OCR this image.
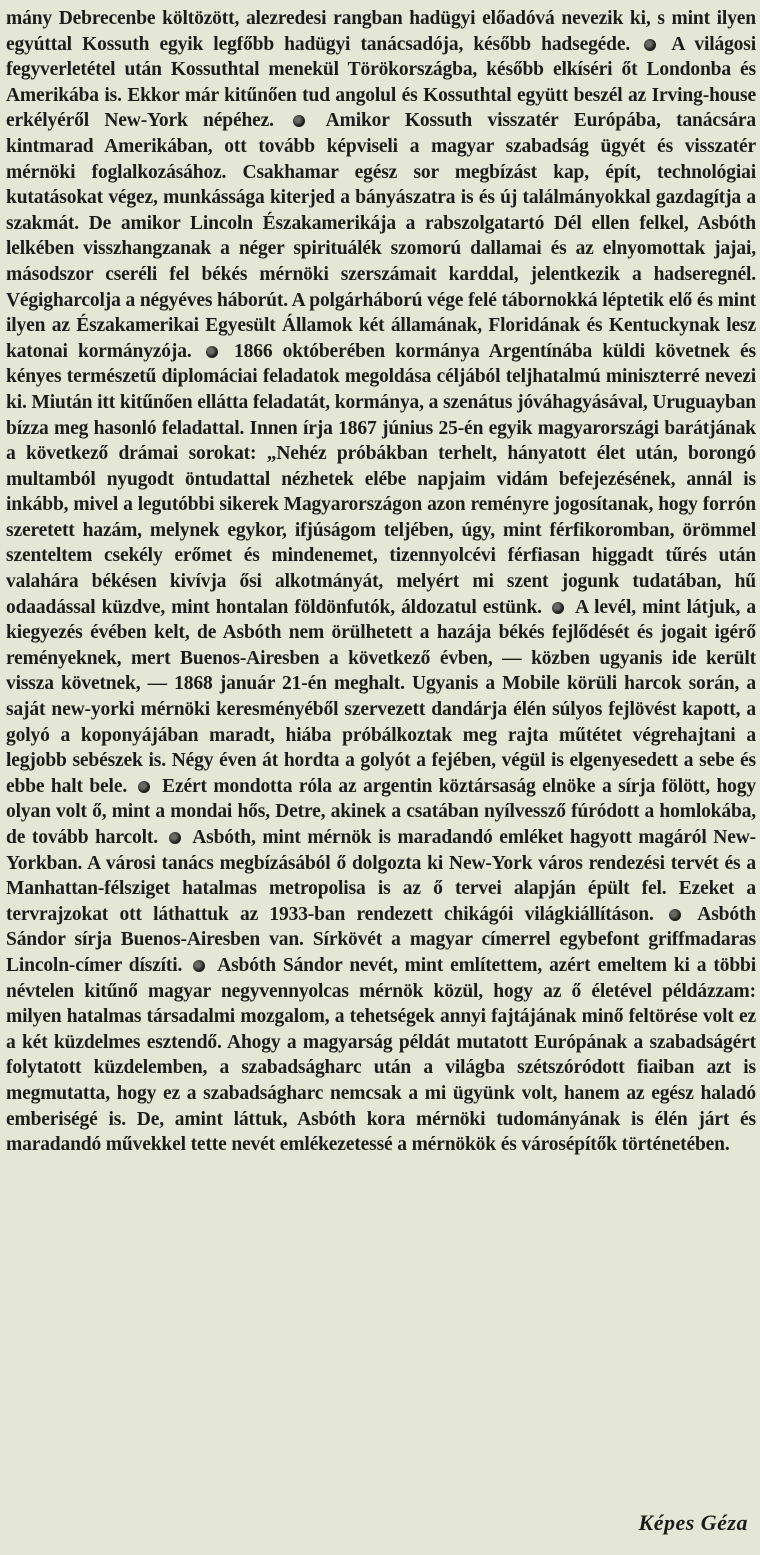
mány Debrecenbe költözött, alezredesi rangban hadügyi előadóvá nevezik ki, s mint ilyen egyúttal Kossuth egyik legfőbb hadügyi tanácsadója, később hadsegéde. A világosi fegyverletétel után Kossuthtal menekül Törökországba, később elkíséri őt Londonba és Amerikába is. Ekkor már kitűnően tud angolul és Kossuthtal együtt beszél az Irving-house erkélyéről New-York népéhez.	Amikor Kossuth visszatér Európába, tanácsára kintmarad Amerikában, ott tovább képviseli a magyar szabadság ügyét és visszatér mérnöki foglalkozásához. Csakhamar egész sor megbízást kap, épít, technológiai kutatásokat végez, munkássága kiterjed a bányászatra is és új találmányokkal gazdagítja a szakmát. De amikor Lincoln Északamerikája a rabszolgatartó Dél ellen felkel, Asbóth lelkében visszhangzanak a néger spirituálék szomorú dallamai és az elnyomottak jajai, másodszor cseréli fel békés mérnöki szerszámait karddal, jelentkezik a hadseregnél. Végigharcolja a négyéves háborút. A polgárháború vége felé tábornokká léptetik elő és mint ilyen az Északamerikai Egyesült Államok két államának, Floridának és Kentuckynak lesz katonai kormányzója. 1866 októberében kormánya Argentínába küldi követnek és kényes természetű diplomáciai feladatok megoldása céljából teljhatalmú miniszterré nevezi ki. Miután itt kitűnően ellátta feladatát, kormánya, a szenátus jóváhagyásával, Uruguayban bízza meg hasonló feladattal. Innen írja 1867 június 25-én egyik magyarországi barátjának a következő drámai sorokat: „Nehéz próbákban terhelt, hányatott élet után, borongó multamból nyugodt öntudattal nézhetek elébe napjaim vidám befejezésének, annál is inkább, mivel a legutóbbi sikerek Magyarországon azon reményre jogosítanak, hogy forrón szeretett hazám, melynek egykor, ifjúságom teljében, úgy, mint férfikoromban, örömmel szenteltem csekély erőmet és mindenemet, tizennyolcévi férfiasan higgadt tűrés után valahára békésen kivívja ősi alkotmányát, melyért mi szent jogunk tudatában, hű odaadással küzdve, mint hontalan földönfutók, áldozatul estünk. A levél, mint látjuk, a kiegyezés évében kelt, de Asbóth nem örülhetett a hazája békés fejlődését és jogait igérő reményeknek, mert Buenos-Airesben a következő évben, — közben ugyanis ide került vissza követnek, — 1868 január 21-én meghalt. Ugyanis a Mobile körüli harcok során, a saját new-yorki mérnöki keresményéből szervezett dandárja élén súlyos fejlövést kapott, a golyó a koponyájában maradt, hiába próbálkoztak meg rajta műtétet végrehajtani a legjobb sebészek is. Négy éven át hordta a golyót a fejében, végül is elgenyesedett a sebe és ebbe halt bele. Ezért mondotta róla az argentin köztársaság elnöke a sírja fölött, hogy olyan volt ő, mint a mondai hős, Detre, akinek a csatában nyílvessző fúródott a homlokába, de tovább harcolt. Asbóth, mint mérnök is maradandó emléket hagyott magáról New-Yorkban. A városi tanács megbízásából ő dolgozta ki New-York város rendezési tervét és a Manhattan-félsziget hatalmas metropolisa is az ő tervei alapján épült fel. Ezeket a tervrajzokat ott láthattuk az 1933-ban rendezett chikágói világkiállításon. Asbóth Sándor sírja Buenos-Airesben van. Sírkövét a magyar címerrel egybefont griffmadaras Lincoln-címer díszíti. Asbóth Sándor nevét, mint említettem, azért emeltem ki a többi névtelen kitűnő magyar negyvennyolcas mérnök közül, hogy az ő életével példázzam: milyen hatalmas társadalmi mozgalom, a tehetségek annyi fajtájának minő feltörése volt ez a két küzdelmes esztendő. Ahogy a magyarság példát mutatott Európának a szabadságért folytatott küzdelemben, a szabadságharc után a világba szétszóródott fiaiban azt is megmutatta, hogy ez a szabadságharc nemcsak a mi ügyünk volt, hanem az egész haladó emberiségé is. De, amint láttuk, Asbóth kora mérnöki tudományának is élén járt és maradandó művekkel tette nevét emlékezetessé a mérnökök és városépítők történetében.

Képes Géza
